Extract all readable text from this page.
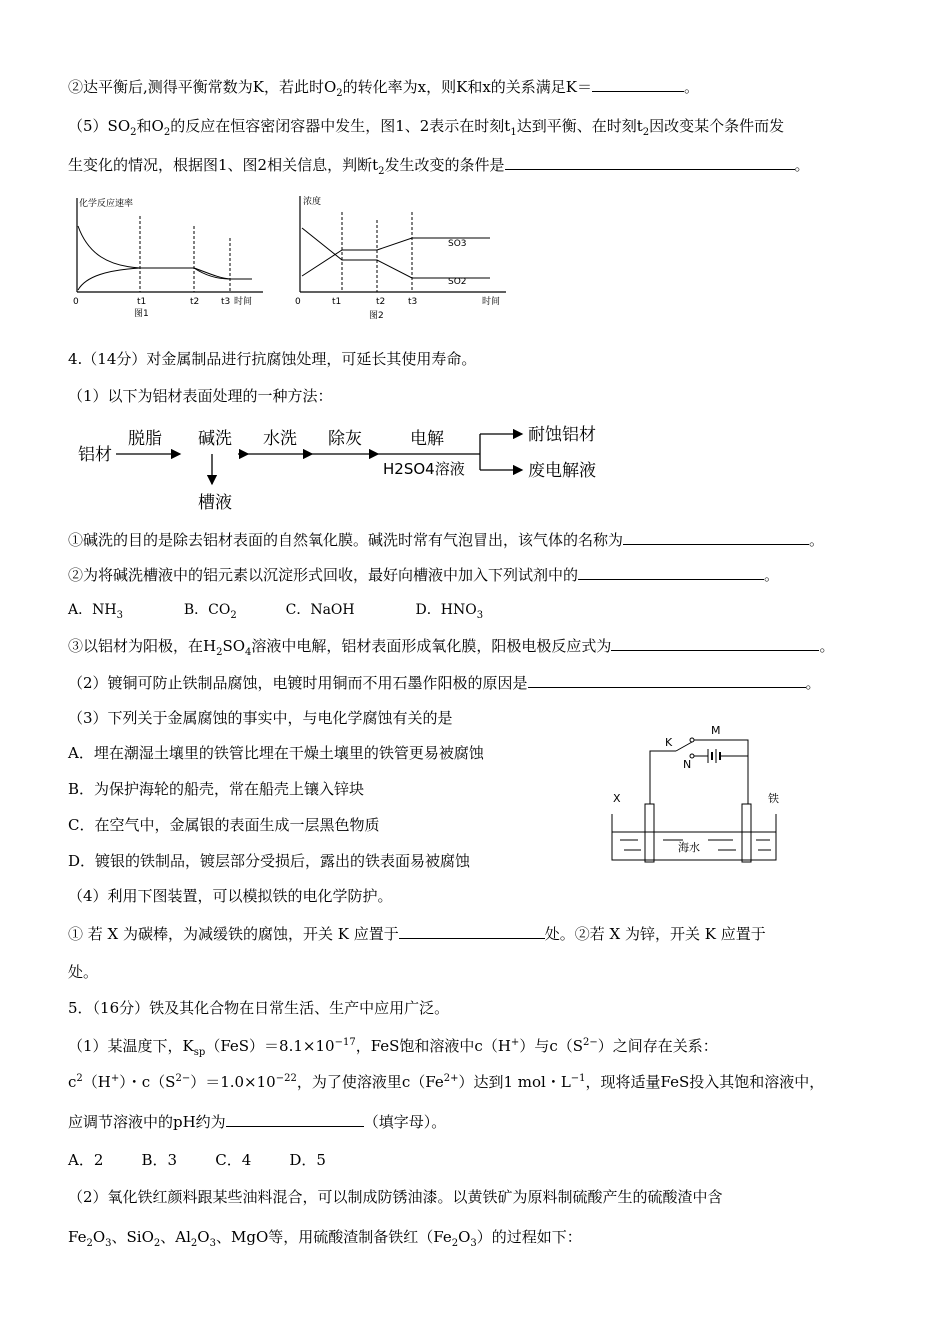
②达平衡后,测得平衡常数为K，若此时$O_2$的转化率为x，则K和x的关系满足K＝	。
$(5)SO_2$和$O_2$的反应在恒容密闭容器中发生，图1、2表示在时刻$t_1$达到平衡、在时刻$t_2$因改变某个条件而发
生变化的情况，根据图1、图2相关信息，判断$t_2$发生改变的条件是	。
化学反应速率
0	t1	t2 t3 时间
图1
浓度
SO3
SO2
0	t1	t2	t3	时间
图2
4.（14分）对金属制品进行抗腐蚀处理，可延长其使用寿命。
（1）以下为铝材表面处理的一种方法：
铝材
脱脂 碱洗 水洗 除灰	电解
H2SO4溶液
耐蚀铝材
废电解液
槽液
①碱洗的目的是除去铝材表面的自然氧化膜。碱洗时常有气泡冒出，该气体的名称为	。
②为将碱洗槽液中的铝元素以沉淀形式回收，最好向槽液中加入下列试剂中的	。
A．$NH_3$	B．$CO_2$	C．NaOH	D．$HNO_3$
③以铝材为阳极，在$H_2SO_4$溶液中电解，铝材表面形成氧化膜，阳极电极反应式为	。
（2）镀铜可防止铁制品腐蚀，电镀时用铜而不用石墨作阳极的原因是	。
（3）下列关于金属腐蚀的事实中，与电化学腐蚀有关的是
A．埋在潮湿土壤里的铁管比埋在干燥土壤里的铁管更易被腐蚀
B．为保护海轮的船壳，常在船壳上镶入锌块
C．在空气中，金属银的表面生成一层黑色物质
D．镀银的铁制品，镀层部分受损后，露出的铁表面易被腐蚀
（4）利用下图装置，可以模拟铁的电化学防护。
M
K
N
X	铁
海水
① 若 X 为碳棒，为减缓铁的腐蚀，开关 K 应置于	处。②若 X 为锌，开关 K 应置于
处。
5．（16分）铁及其化合物在日常生活、生产中应用广泛。
（1）某温度下，$K_{sp}(FeS)=8.1\times 10^{-17}$，FeS饱和溶液中c（H+）与$c(S^{2-})$之间存在关系：
$c^2(H^+)$・$c(S^{2-})=1.0\times 10^{-22}$，为了使溶液里$c(Fe^{2+})$达到1 mol・$L^{-1}$，现将适量FeS投入其饱和溶液中，
应调节溶液中的pH约为	（填字母）。
A．2        B．3        C．4        D．5
（2）氧化铁红颜料跟某些油料混合，可以制成防锈油漆。以黄铁矿为原料制硫酸产生的硫酸渣中含
$Fe_2O_3$、SiO$_2$、$Al_2O_3$、MgO等，用硫酸渣制备铁红$(Fe_2O_3)$的过程如下：
